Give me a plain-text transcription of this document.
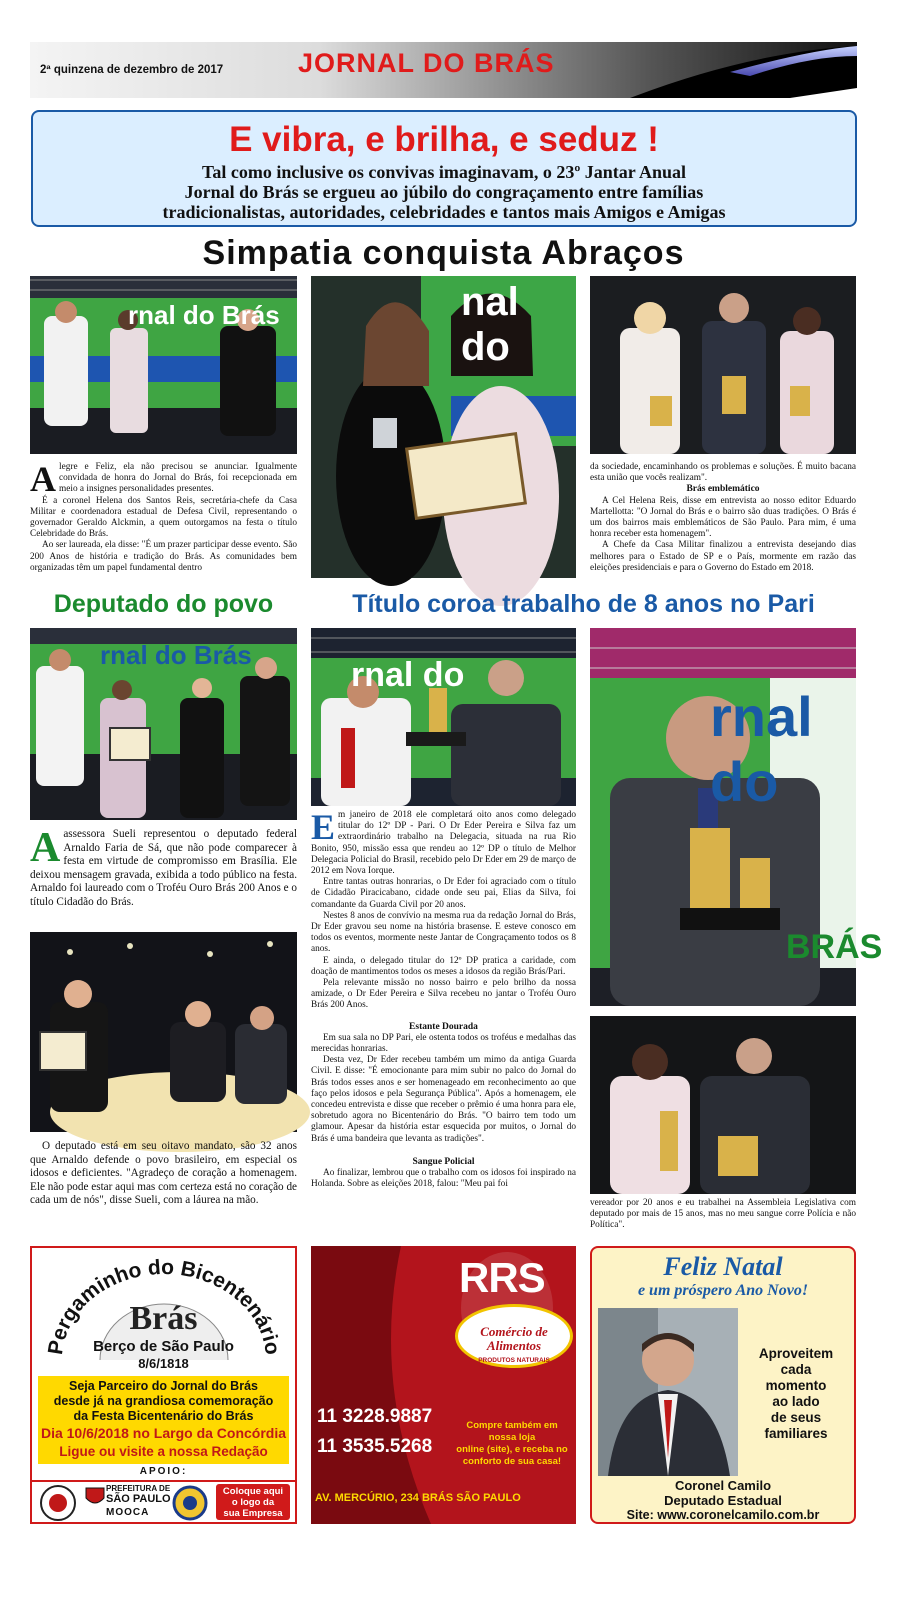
2ª quinzena de dezembro de 2017	JORNAL DO BRÁS
3
E vibra, e brilha, e seduz !
Tal como inclusive os convivas imaginavam, o 23º Jantar Anual
Jornal do Brás se ergueu ao júbilo do congraçamento entre famílias
tradicionalistas, autoridades, celebridades e tantos mais Amigos e Amigas
Simpatia conquista Abraços
rnal do Brás	nal do

Alegre e Feliz, ela não precisou se anunciar. Igualmente convidada de honra do Jornal do Brás, foi recepcionada em meio a insignes personalidades presentes.

É a coronel Helena dos Santos Reis, secretária-chefe da Casa Militar e coordenadora estadual de Defesa Civil, representando o governador Geraldo Alckmin, a quem outorgamos na festa o título Celebridade do Brás.

Ao ser laureada, ela disse: "É um prazer participar desse evento. São 200 Anos de história e tradição do Brás. As comunidades bem organizadas têm um papel fundamental dentro

da sociedade, encaminhando os problemas e soluções. É muito bacana esta união que vocês realizam".

Brás emblemático

A Cel Helena Reis, disse em entrevista ao nosso editor Eduardo Martellotta: "O Jornal do Brás e o bairro são duas tradições. O Brás é um dos bairros mais emblemáticos de São Paulo. Para mim, é uma honra receber esta homenagem".

A Chefe da Casa Militar finalizou a entrevista desejando dias melhores para o Estado de SP e o País, mormente em razão das eleições presidenciais e para o Governo do Estado em 2018.

Deputado do povo	Título coroa trabalho de 8 anos no Pari
rnal do Brás

Aassessora Sueli representou o deputado federal Arnaldo Faria de Sá, que não pode comparecer à festa em virtude de compromisso em Brasília. Ele deixou mensagem gravada, exibida a todo público na festa. Arnaldo foi laureado com o Troféu Ouro Brás 200 Anos e o título Cidadão do Brás.

O deputado está em seu oitavo mandato, são 32 anos que Arnaldo defende o povo brasileiro, em especial os idosos e deficientes. "Agradeço de coração a homenagem. Ele não pode estar aqui mas com certeza está no coração de cada um de nós", disse Sueli, com a láurea na mão.

rnal do

Em janeiro de 2018 ele completará oito anos como delegado titular do 12º DP - Pari. O Dr Eder Pereira e Silva faz um extraordinário trabalho na Delegacia, situada na rua Rio Bonito, 950, missão essa que rendeu ao 12º DP o título de Melhor Delegacia Policial do Brasil, recebido pelo Dr Eder em 29 de março de 2012 em Nova Iorque.

Entre tantas outras honrarias, o Dr Eder foi agraciado com o título de Cidadão Piracicabano, cidade onde seu pai, Elias da Silva, foi comandante da Guarda Civil por 20 anos.

Nestes 8 anos de convívio na mesma rua da redação Jornal do Brás, Dr Eder gravou seu nome na história brasense. E esteve conosco em todos os eventos, mormente neste Jantar de Congraçamento todos os 8 anos.

E ainda, o delegado titular do 12º DP pratica a caridade, com doação de mantimentos todos os meses a idosos da região Brás/Pari.

Pela relevante missão no nosso bairro e pelo brilho da nossa amizade, o Dr Eder Pereira e Silva recebeu no jantar o Troféu Ouro Brás 200 Anos.

Estante Dourada

Em sua sala no DP Pari, ele ostenta todos os troféus e medalhas das merecidas honrarias.

Desta vez, Dr Eder recebeu também um mimo da antiga Guarda Civil. E disse: "É emocionante para mim subir no palco do Jornal do Brás todos esses anos e ser homenageado em reconhecimento ao que faço pelos idosos e pela Segurança Pública". Após a homenagem, ele concedeu entrevista e disse que receber o prêmio é uma honra para ele, sobretudo agora no Bicentenário do Brás. "O bairro tem todo um glamour. Apesar da história estar esquecida por muitos, o Jornal do Brás é uma bandeira que levanta as tradições".

Sangue Policial

Ao finalizar, lembrou que o trabalho com os idosos foi inspirado na Holanda. Sobre as eleições 2018, falou: "Meu pai foi

rnal do
BRÁS

vereador por 20 anos e eu trabalhei na Assembleia Legislativa com deputado por mais de 15 anos, mas no meu sangue corre Polícia e não Política".

Pergaminho do Bicentenário
Brás
Berço de São Paulo
8/6/1818
Seja Parceiro do Jornal do Brás
desde já na grandiosa comemoração
da Festa Bicentenário do Brás
Dia 10/6/2018 no Largo da Concórdia
Ligue ou visite a nossa Redação
APOIO:
PREFEITURA DE
SÃO PAULO
MOOCA
Coloque aqui
o logo da
sua Empresa
RRS
Comércio de Alimentos
PRODUTOS NATURAIS
11 3228.9887
11 3535.5268
Compre também em nossa loja
online (site), e receba no
conforto de sua casa!
AV. MERCÚRIO, 234 BRÁS SÃO PAULO
Feliz Natal
e um próspero Ano Novo!
Aproveitem
cada
momento
ao lado
de seus
familiares
Coronel Camilo
Deputado Estadual
Site: www.coronelcamilo.com.br
